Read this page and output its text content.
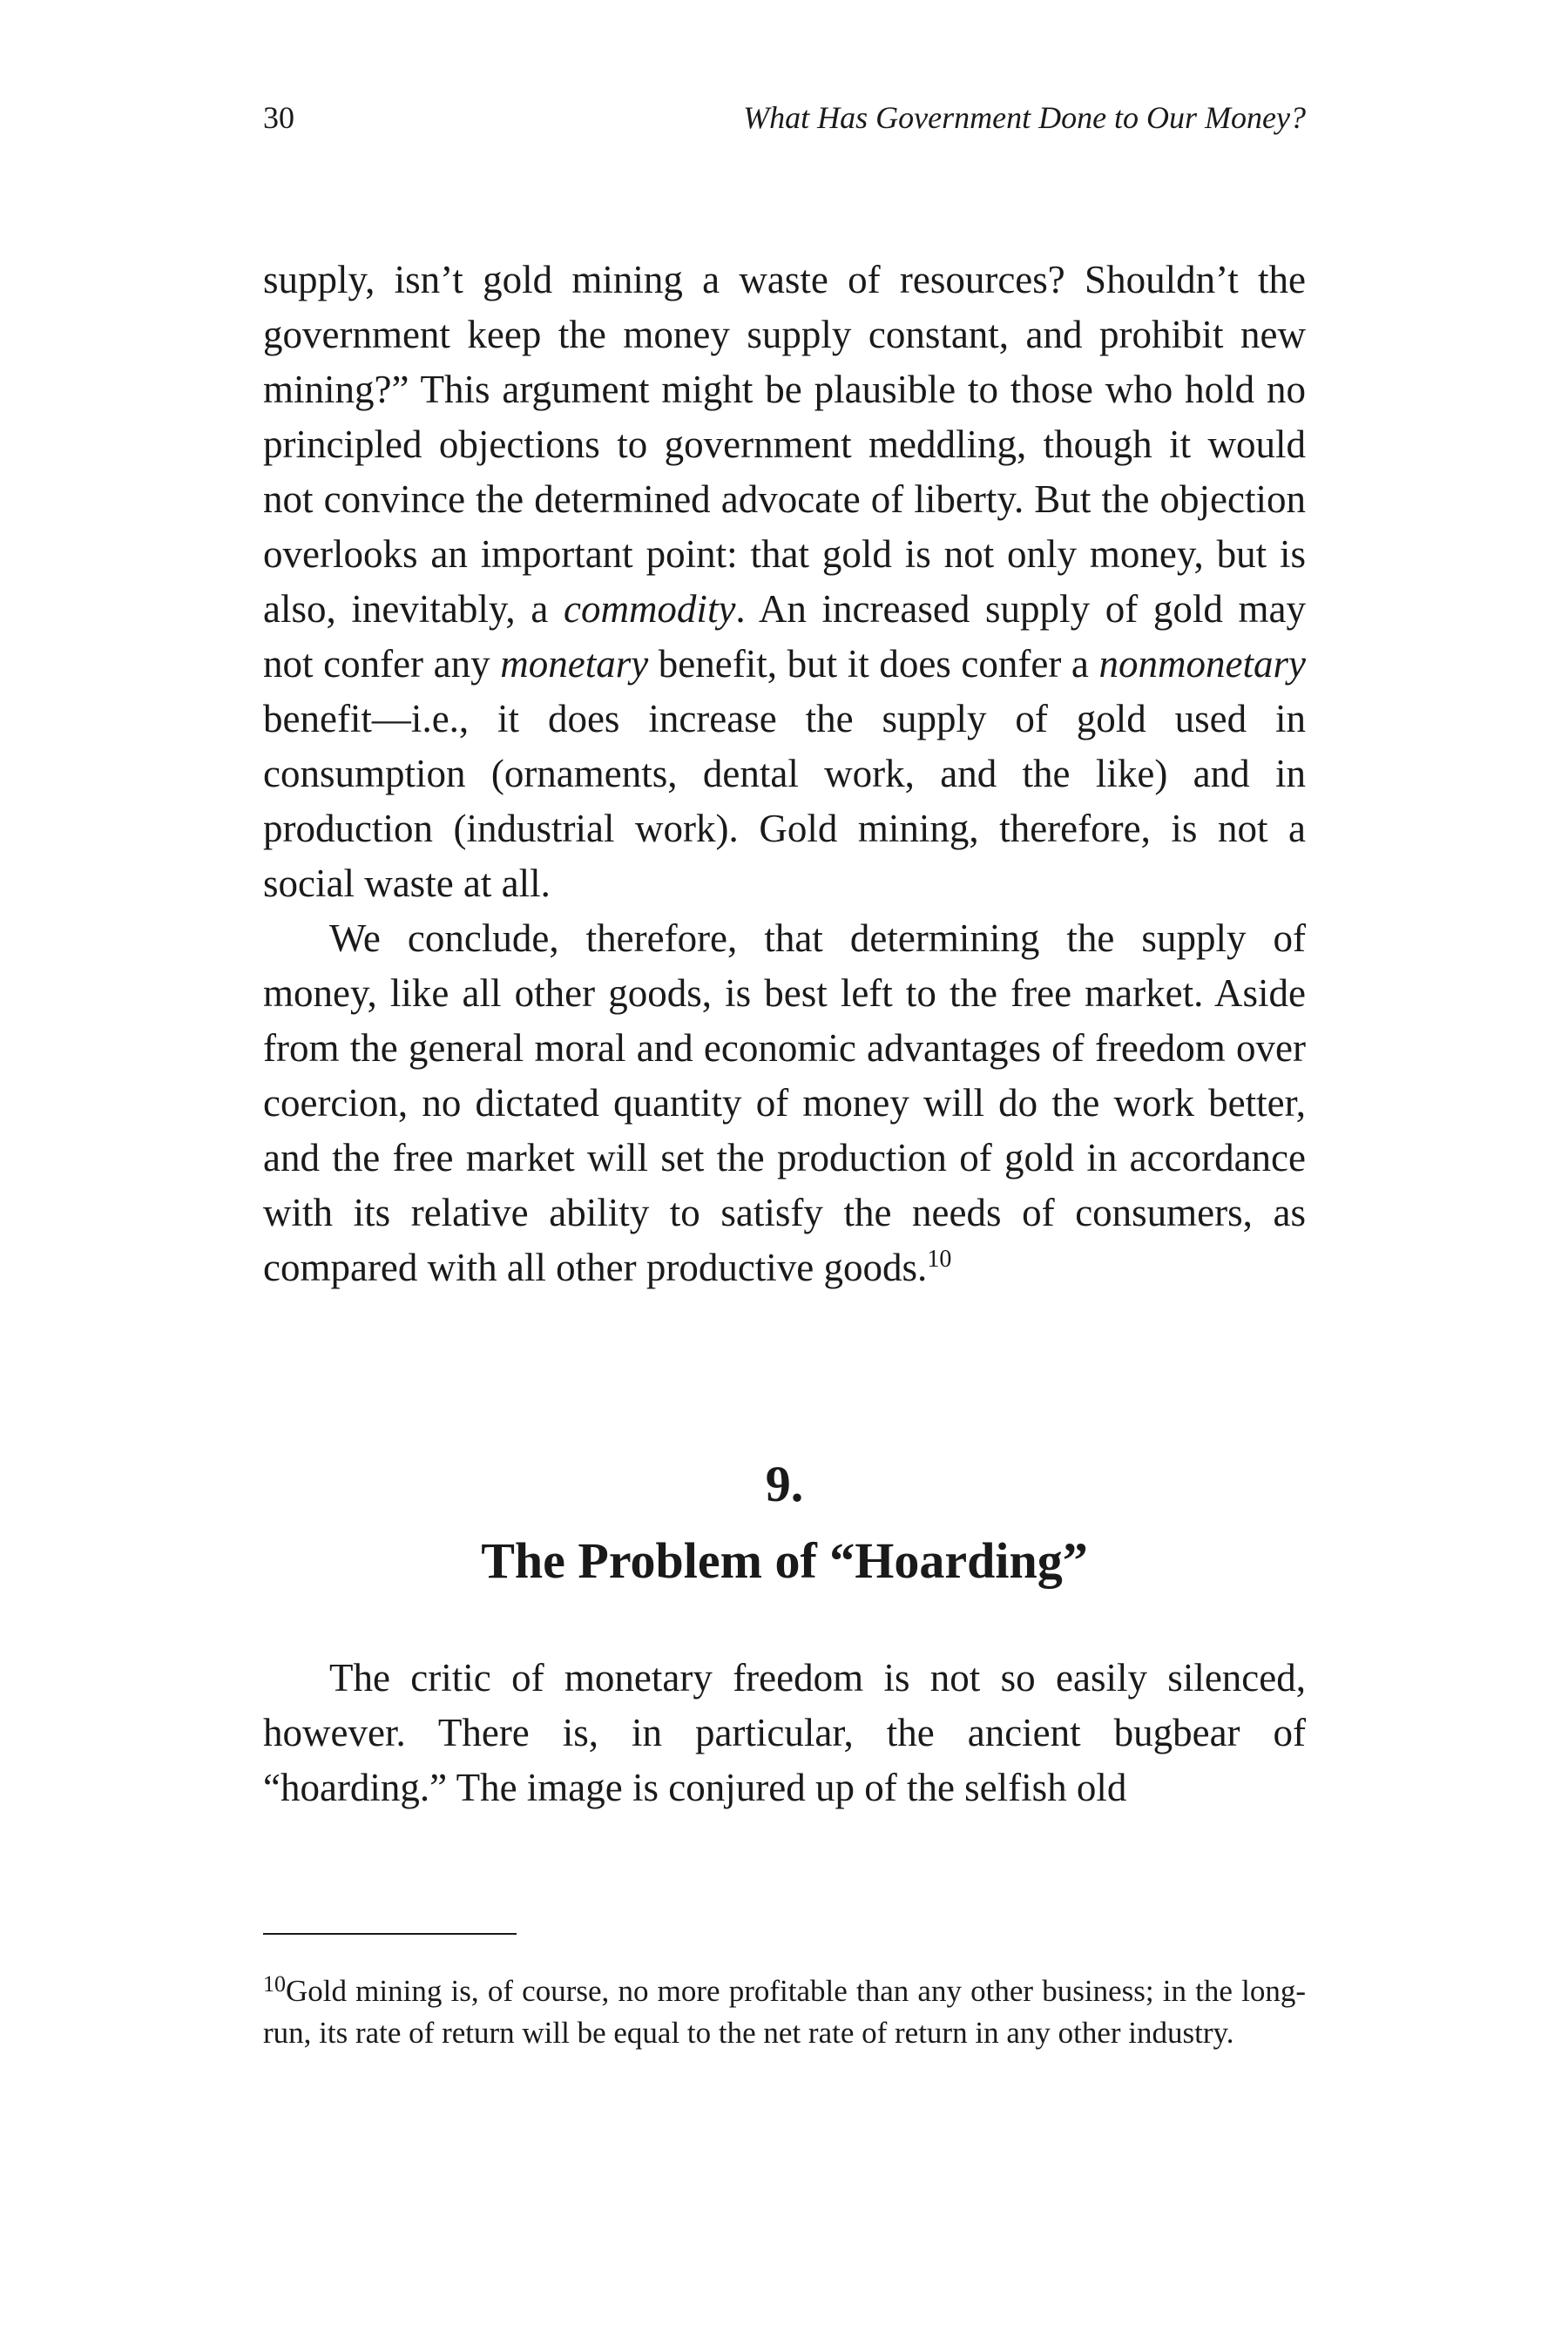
30	What Has Government Done to Our Money?

supply, isn’t gold mining a waste of resources? Shouldn’t the government keep the money supply constant, and prohibit new mining?” This argument might be plausible to those who hold no principled objections to government meddling, though it would not convince the determined advocate of liberty. But the objection overlooks an important point: that gold is not only money, but is also, inevitably, a commodity. An increased supply of gold may not confer any monetary benefit, but it does confer a nonmonetary benefit—i.e., it does increase the supply of gold used in consumption (ornaments, dental work, and the like) and in production (industrial work). Gold mining, therefore, is not a social waste at all.

We conclude, therefore, that determining the supply of money, like all other goods, is best left to the free market. Aside from the general moral and economic advantages of freedom over coercion, no dictated quantity of money will do the work better, and the free market will set the production of gold in accordance with its relative ability to satisfy the needs of consumers, as compared with all other productive goods.$^{10}$

9.
The Problem of “Hoarding”

The critic of monetary freedom is not so easily silenced, however. There is, in particular, the ancient bugbear of “hoarding.” The image is conjured up of the selfish old

$^{10}$Gold mining is, of course, no more profitable than any other business; in the long-run, its rate of return will be equal to the net rate of return in any other industry.
